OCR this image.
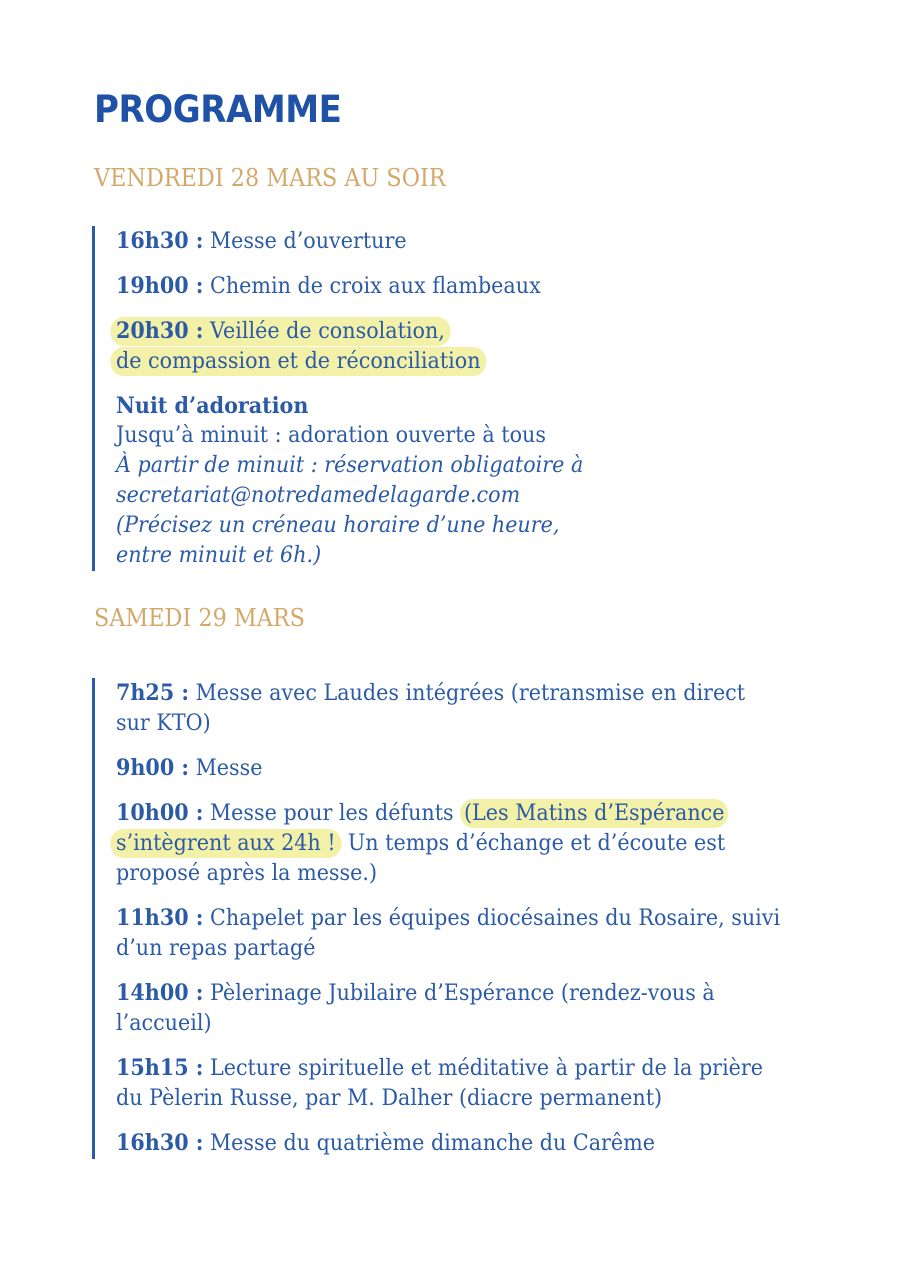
PROGRAMME
VENDREDI 28 MARS AU SOIR

16h30 : Messe d’ouverture

19h00 : Chemin de croix aux flambeaux

20h30 : Veillée de consolation,
de compassion et de réconciliation

Nuit d’adoration
Jusqu’à minuit : adoration ouverte à tous
À partir de minuit : réservation obligatoire à
secretariat@notredamedelagarde.com
(Précisez un créneau horaire d’une heure,
entre minuit et 6h.)
SAMEDI 29 MARS

7h25 : Messe avec Laudes intégrées (retransmise en direct
sur KTO)

9h00 : Messe

10h00 : Messe pour les défunts (Les Matins d’Espérance
s’intègrent aux 24h ! Un temps d’échange et d’écoute est
proposé après la messe.)

11h30 : Chapelet par les équipes diocésaines du Rosaire, suivi
d’un repas partagé

14h00 : Pèlerinage Jubilaire d’Espérance (rendez-vous à
l’accueil)

15h15 : Lecture spirituelle et méditative à partir de la prière
du Pèlerin Russe, par M. Dalher (diacre permanent)

16h30 : Messe du quatrième dimanche du Carême
